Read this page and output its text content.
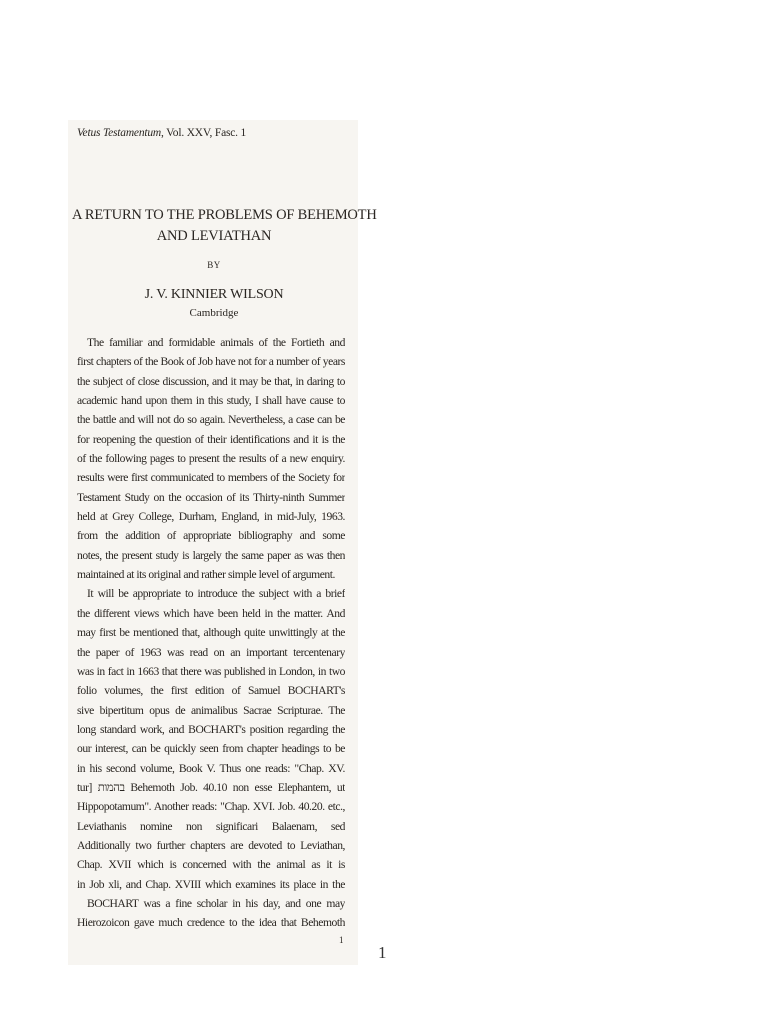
Vetus Testamentum, Vol. XXV, Fasc. 1
A RETURN TO THE PROBLEMS OF BEHEMOTH
AND LEVIATHAN
BY
J. V. KINNIER WILSON
Cambridge
The familiar and formidable animals of the Fortieth and
first chapters of the Book of Job have not for a number of years
the subject of close discussion, and it may be that, in daring to
academic hand upon them in this study, I shall have cause to
the battle and will not do so again. Nevertheless, a case can be
for reopening the question of their identifications and it is the
of the following pages to present the results of a new enquiry.
results were first communicated to members of the Society for
Testament Study on the occasion of its Thirty-ninth Summer
held at Grey College, Durham, England, in mid-July, 1963.
from the addition of appropriate bibliography and some
notes, the present study is largely the same paper as was then
maintained at its original and rather simple level of argument.
It will be appropriate to introduce the subject with a brief
the different views which have been held in the matter. And
may first be mentioned that, although quite unwittingly at the
the paper of 1963 was read on an important tercentenary
was in fact in 1663 that there was published in London, in two
folio volumes, the first edition of Samuel BOCHART's
sive bipertitum opus de animalibus Sacrae Scripturae. The
long standard work, and BOCHART's position regarding the
our interest, can be quickly seen from chapter headings to be
in his second volume, Book V. Thus one reads: "Chap. XV.
tur] בהמות Behemoth Job. 40.10 non esse Elephantem, ut
Hippopotamum". Another reads: "Chap. XVI. Job. 40.20. etc.,
Leviathanis nomine non significari Balaenam, sed
Additionally two further chapters are devoted to Leviathan,
Chap. XVII which is concerned with the animal as it is
in Job xli, and Chap. XVIII which examines its place in the
BOCHART was a fine scholar in his day, and one may
Hierozoicon gave much credence to the idea that Behemoth
1
1
